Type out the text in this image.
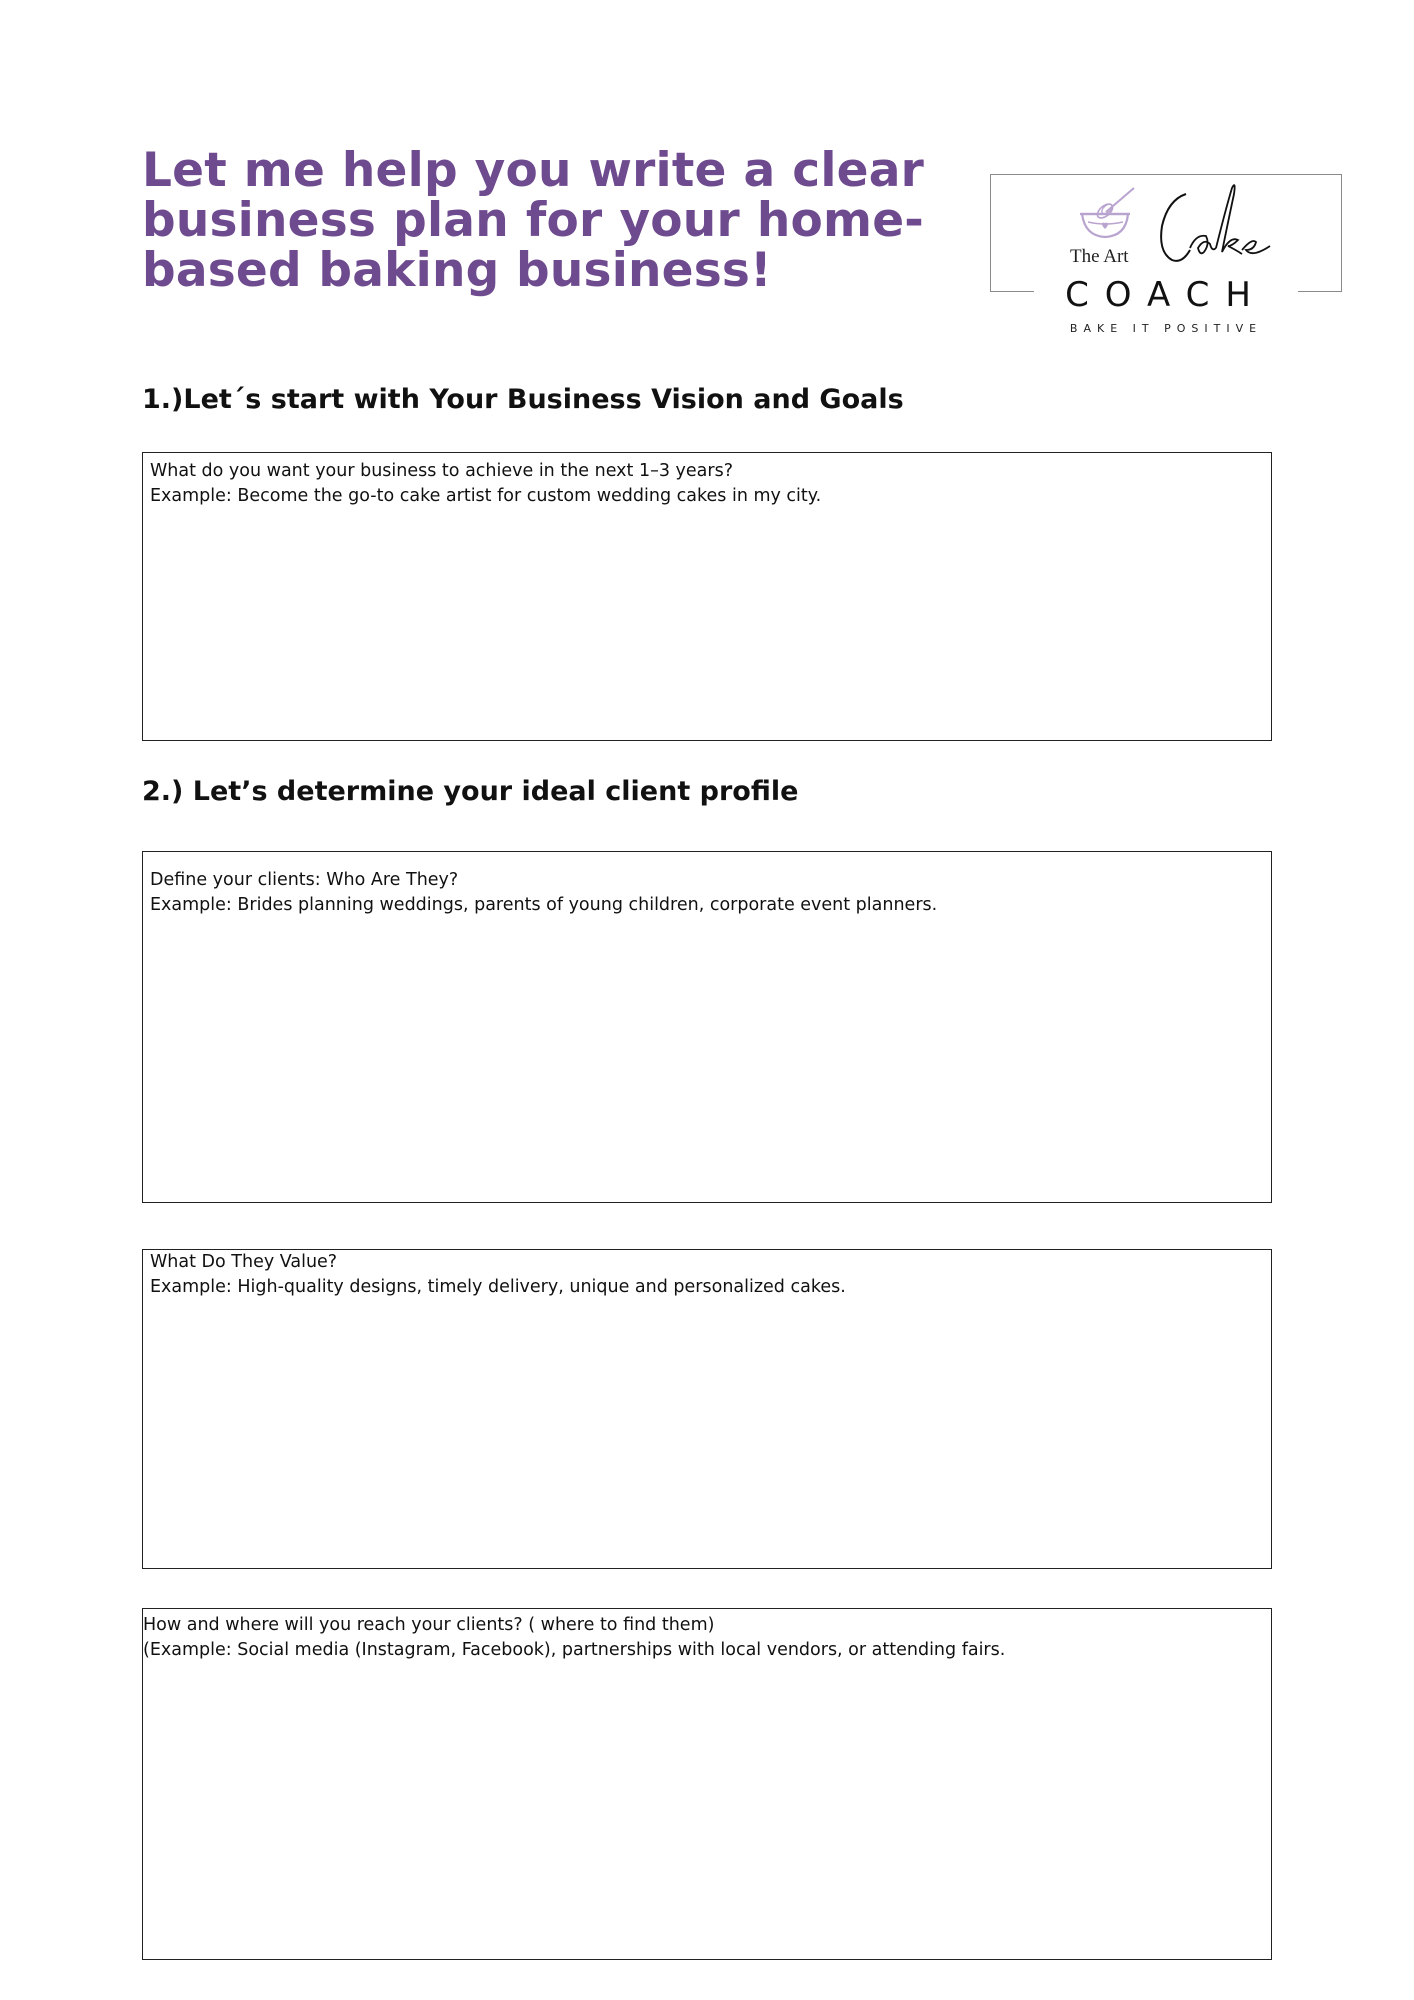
Let me help you write a clear business plan for your home-based baking business!	The Art
COACH
BAKE IT POSITIVE
1.)Let´s start with Your Business Vision and Goals
What do you want your business to achieve in the next 1–3 years?
Example: Become the go-to cake artist for custom wedding cakes in my city.
2.) Let’s determine your ideal client profile
Define your clients: Who Are They?
Example: Brides planning weddings, parents of young children, corporate event planners.
What Do They Value?
Example: High-quality designs, timely delivery, unique and personalized cakes.
How and where will you reach your clients? ( where to find them)
(Example: Social media (Instagram, Facebook), partnerships with local vendors, or attending fairs.
